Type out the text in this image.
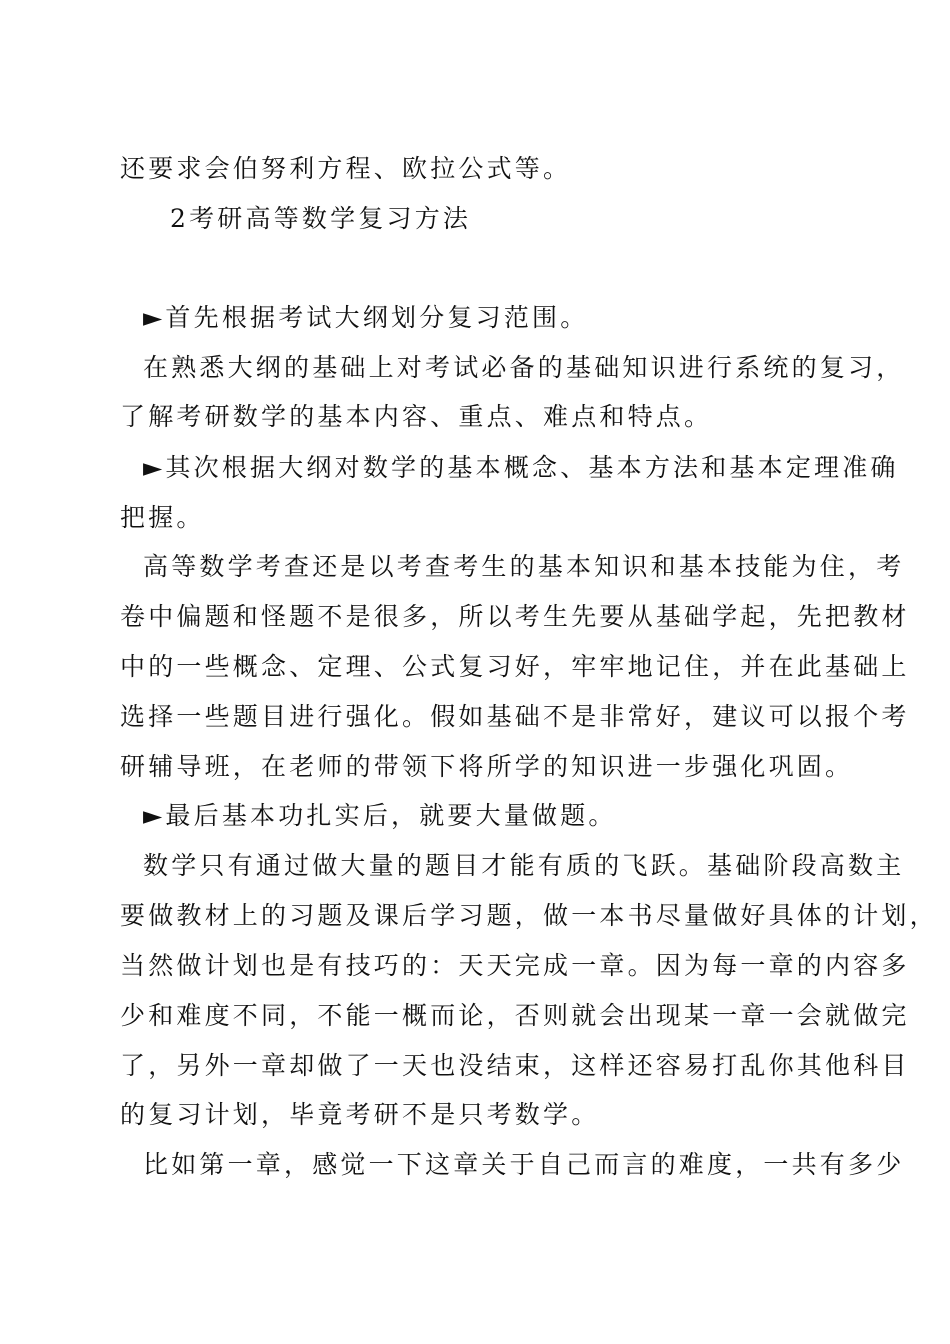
还要求会伯努利方程、欧拉公式等。
2考研高等数学复习方法
►首先根据考试大纲划分复习范围。
在熟悉大纲的基础上对考试必备的基础知识进行系统的复习，
了解考研数学的基本内容、重点、难点和特点。
►其次根据大纲对数学的基本概念、基本方法和基本定理准确
把握。
高等数学考查还是以考查考生的基本知识和基本技能为住，考
卷中偏题和怪题不是很多，所以考生先要从基础学起，先把教材
中的一些概念、定理、公式复习好，牢牢地记住，并在此基础上
选择一些题目进行强化。假如基础不是非常好，建议可以报个考
研辅导班，在老师的带领下将所学的知识进一步强化巩固。
►最后基本功扎实后，就要大量做题。
数学只有通过做大量的题目才能有质的飞跃。基础阶段高数主
要做教材上的习题及课后学习题，做一本书尽量做好具体的计划，
当然做计划也是有技巧的：天天完成一章。因为每一章的内容多
少和难度不同，不能一概而论，否则就会出现某一章一会就做完
了，另外一章却做了一天也没结束，这样还容易打乱你其他科目
的复习计划，毕竟考研不是只考数学。
比如第一章，感觉一下这章关于自己而言的难度，一共有多少
